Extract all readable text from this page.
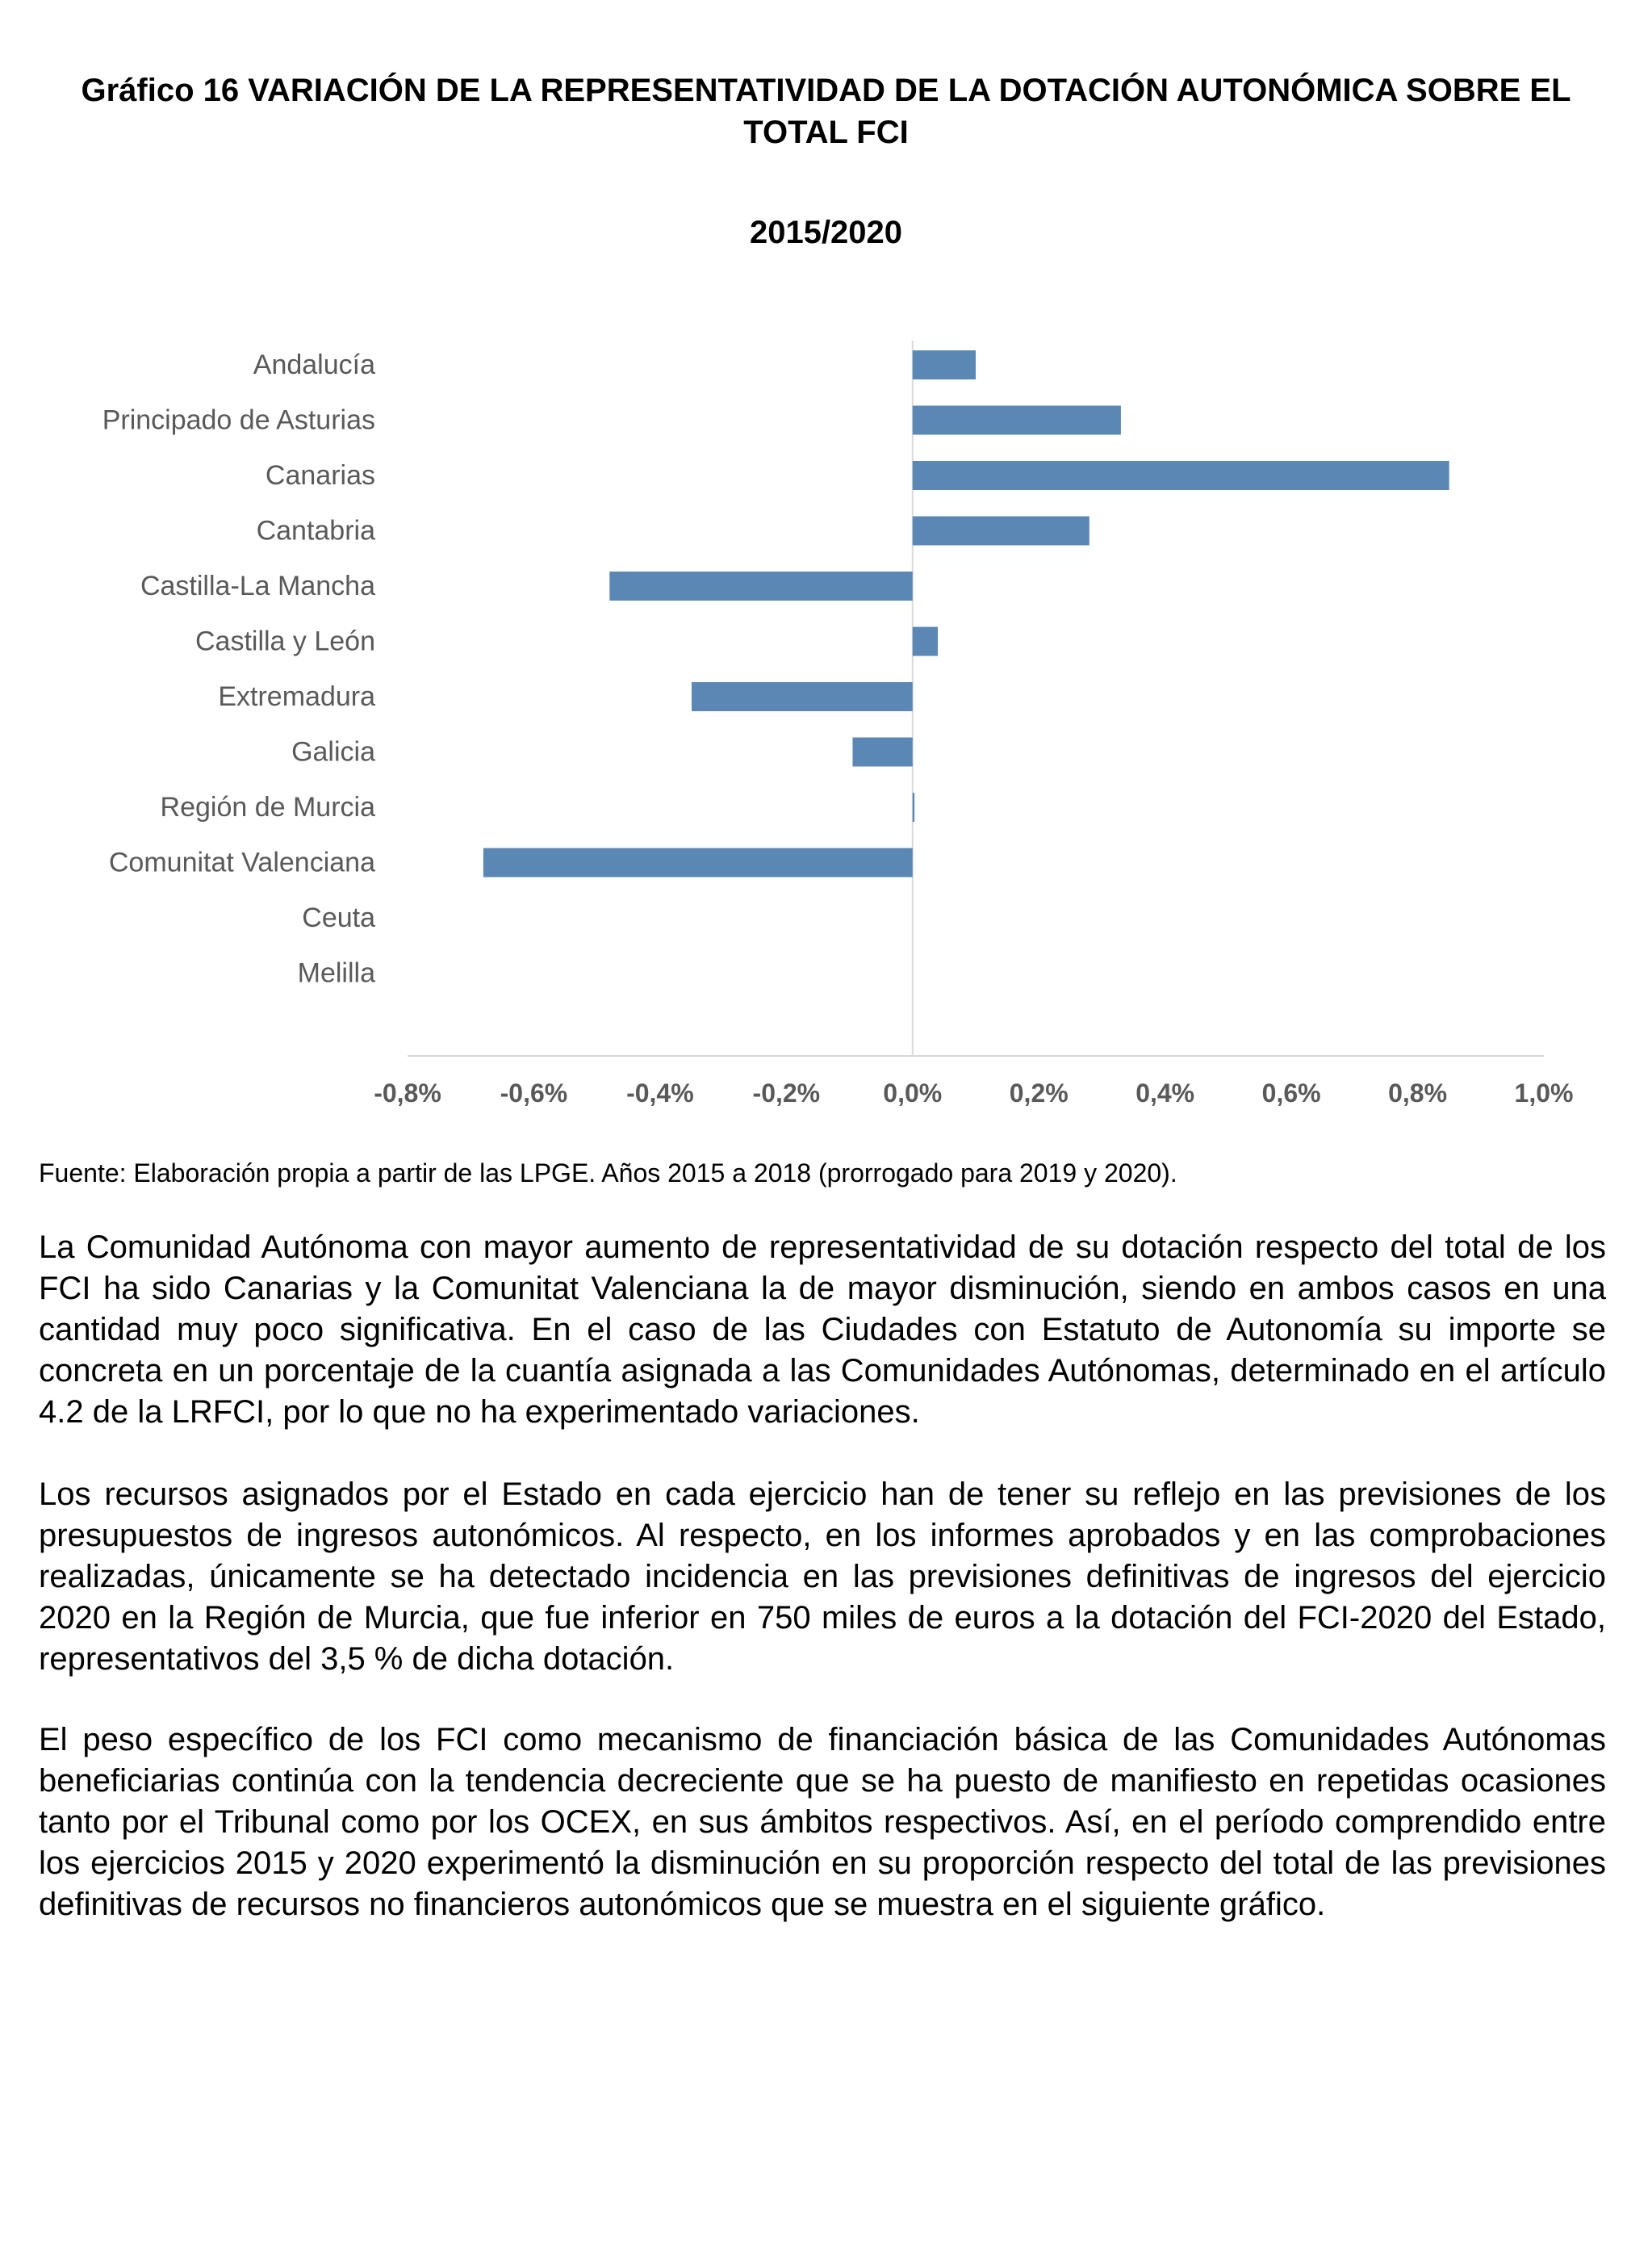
Gráfico 16 VARIACIÓN DE LA REPRESENTATIVIDAD DE LA DOTACIÓN AUTONÓMICA SOBRE EL TOTAL FCI
2015/2020
Andalucía
Principado de Asturias
Canarias
Cantabria
Castilla-La Mancha
Castilla y León
Extremadura
Galicia
Región de Murcia
Comunitat Valenciana
Ceuta
Melilla
-0,8% -0,6% -0,4% -0,2% 0,0%	0,2%	0,4%	0,6%	0,8%	1,0%
Fuente: Elaboración propia a partir de las LPGE. Años 2015 a 2018 (prorrogado para 2019 y 2020).

La Comunidad Autónoma con mayor aumento de representatividad de su dotación respecto del total de los FCI ha sido Canarias y la Comunitat Valenciana la de mayor disminución, siendo en ambos casos en una cantidad muy poco significativa. En el caso de las Ciudades con Estatuto de Autonomía su importe se concreta en un porcentaje de la cuantía asignada a las Comunidades Autónomas, determinado en el artículo 4.2 de la LRFCI, por lo que no ha experimentado variaciones.

Los recursos asignados por el Estado en cada ejercicio han de tener su reflejo en las previsiones de los presupuestos de ingresos autonómicos. Al respecto, en los informes aprobados y en las comprobaciones realizadas, únicamente se ha detectado incidencia en las previsiones definitivas de ingresos del ejercicio 2020 en la Región de Murcia, que fue inferior en 750 miles de euros a la dotación del FCI-2020 del Estado, representativos del 3,5 % de dicha dotación.

El peso específico de los FCI como mecanismo de financiación básica de las Comunidades Autónomas beneficiarias continúa con la tendencia decreciente que se ha puesto de manifiesto en repetidas ocasiones tanto por el Tribunal como por los OCEX, en sus ámbitos respectivos. Así, en el período comprendido entre los ejercicios 2015 y 2020 experimentó la disminución en su proporción respecto del total de las previsiones definitivas de recursos no financieros autonómicos que se muestra en el siguiente gráfico.
